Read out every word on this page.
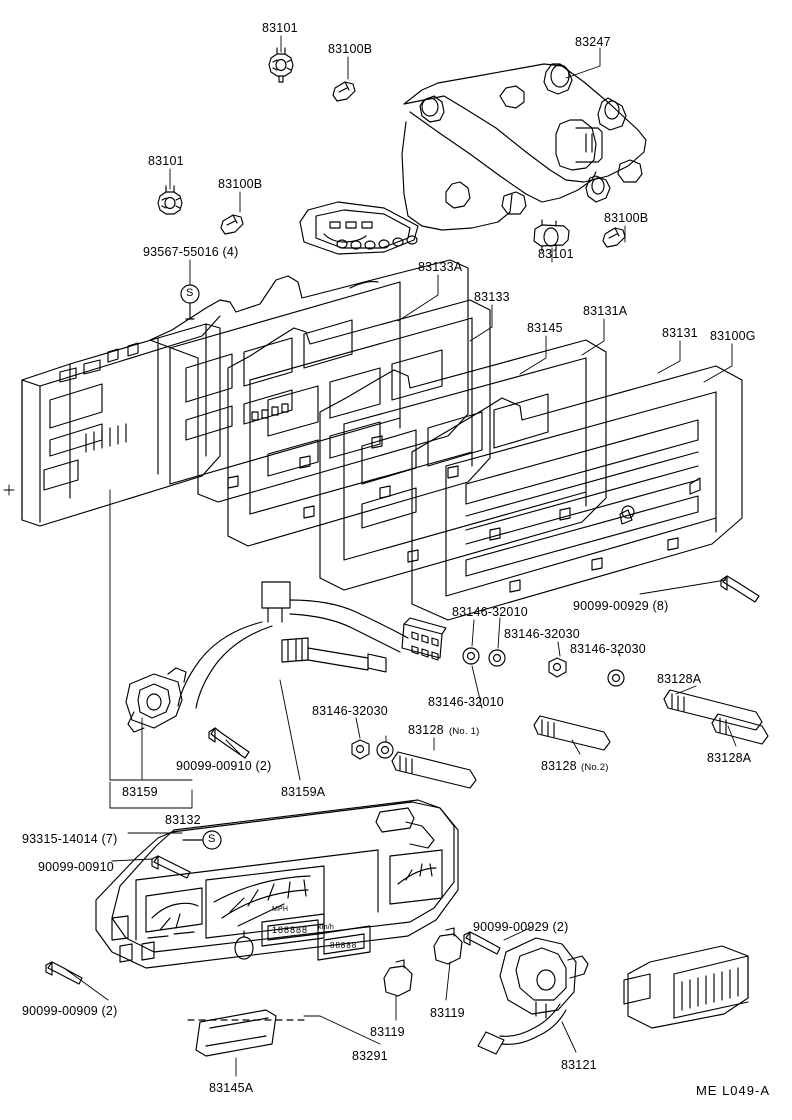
83101
83100B	83247
83101
83100B
83100B
83101
93567-55016 (4)
83133A
83133
83131A
83145	83131 83100G
90099-00929 (8)
83146-32010
83146-32030
83146-32030
83128A
83146-32010
83146-32030
83128 (No. 1)
83128A
83128 (No.2)
90099-00910 (2)
83159	83159A
83132
93315-14014 (7)
90099-00910
90099-00929 (2)
83119
83119
90099-00909 (2)
83291
83121
83145A
S
S
188888
88888
km/h
MPH
ME L049-A
